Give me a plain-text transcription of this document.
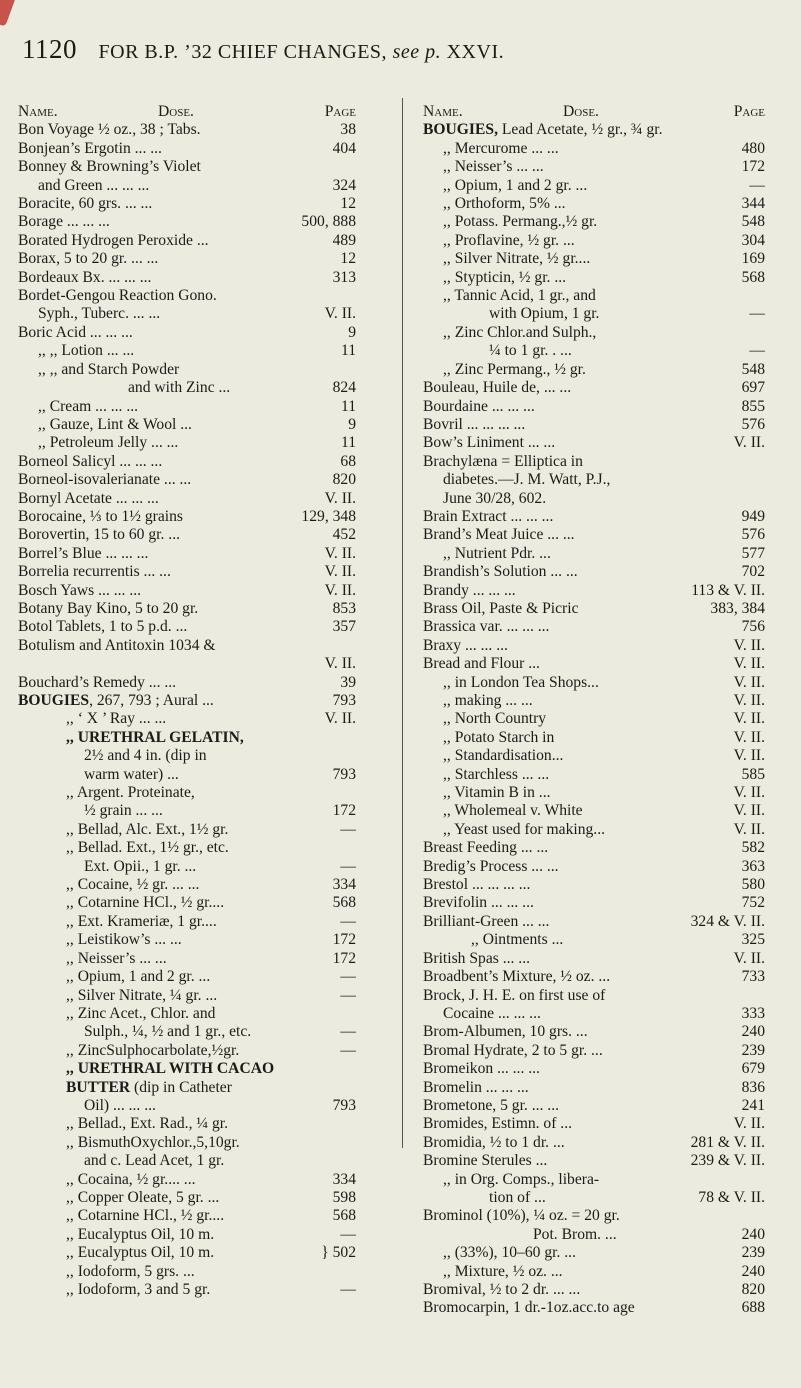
1120 FOR B.P. ’32 CHIEF CHANGES, see p. XXVI.
Name.	Dose.	Page
Bon Voyage ½ oz., 38 ; Tabs.	38
Bonjean’s Ergotin ... ...	404
Bonney & Browning’s Violet
and Green ... ... ...	324
Boracite, 60 grs. ... ...	12
Borage ... ... ...	500, 888
Borated Hydrogen Peroxide ...	489
Borax, 5 to 20 gr. ... ...	12
Bordeaux Bx. ... ... ...	313
Bordet-Gengou Reaction Gono.
Syph., Tuberc. ... ...	V. II.
Boric Acid ... ... ...	9
,, ,, Lotion ... ...	11
,, ,, and Starch Powder
and with Zinc ...	824
,, Cream ... ... ...	11
,, Gauze, Lint & Wool ...	9
,, Petroleum Jelly ... ...	11
Borneol Salicyl ... ... ...	68
Borneol-isovalerianate ... ...	820
Bornyl Acetate ... ... ...	V. II.
Borocaine, ⅓ to 1½ grains	129, 348
Borovertin, 15 to 60 gr. ...	452
Borrel’s Blue ... ... ...	V. II.
Borrelia recurrentis ... ...	V. II.
Bosch Yaws ... ... ...	V. II.
Botany Bay Kino, 5 to 20 gr.	853
Botol Tablets, 1 to 5 p.d. ...	357
Botulism and Antitoxin 1034 &
V. II.
Bouchard’s Remedy ... ...	39
BOUGIES, 267, 793 ; Aural ...	793
,, ‘ X ’ Ray ... ...	V. II.
,, URETHRAL GELATIN,
2½ and 4 in. (dip in
warm water) ...	793
,, Argent. Proteinate,
½ grain ... ...	172
,, Bellad, Alc. Ext., 1½ gr.	—
,, Bellad. Ext., 1½ gr., etc.
Ext. Opii., 1 gr. ...	—
,, Cocaine, ½ gr. ... ...	334
,, Cotarnine HCl., ½ gr....	568
,, Ext. Krameriæ, 1 gr....	—
,, Leistikow’s ... ...	172
,, Neisser’s ... ...	172
,, Opium, 1 and 2 gr. ...	—
,, Silver Nitrate, ¼ gr. ...	—
,, Zinc Acet., Chlor. and
Sulph., ¼, ½ and 1 gr., etc.	—
,, ZincSulphocarbolate,½gr.	—
,, URETHRAL WITH CACAO
BUTTER (dip in Catheter
Oil) ... ... ...	793
,, Bellad., Ext. Rad., ¼ gr.
,, BismuthOxychlor.,5,10gr.
and c. Lead Acet, 1 gr.
,, Cocaina, ½ gr.... ...	334
,, Copper Oleate, 5 gr. ...	598
,, Cotarnine HCl., ½ gr....	568
,, Eucalyptus Oil, 10 m.	—
,, Eucalyptus Oil, 10 m.	} 502
,, Iodoform, 5 grs. ...
,, Iodoform, 3 and 5 gr.	—
Name.	Dose.	Page
BOUGIES, Lead Acetate, ½ gr., ¾ gr.
,, Mercurome ... ...	480
,, Neisser’s ... ...	172
,, Opium, 1 and 2 gr. ...	—
,, Orthoform, 5% ...	344
,, Potass. Permang.,½ gr.	548
,, Proflavine, ½ gr. ...	304
,, Silver Nitrate, ½ gr....	169
,, Stypticin, ½ gr. ...	568
,, Tannic Acid, 1 gr., and
with Opium, 1 gr.	—
,, Zinc Chlor.and Sulph.,
¼ to 1 gr. . ...	—
,, Zinc Permang., ½ gr.	548
Bouleau, Huile de, ... ...	697
Bourdaine ... ... ...	855
Bovril ... ... ... ...	576
Bow’s Liniment ... ...	V. II.
Brachylæna = Elliptica in
diabetes.—J. M. Watt, P.J.,
June 30/28, 602.
Brain Extract ... ... ...	949
Brand’s Meat Juice ... ...	576
,, Nutrient Pdr. ...	577
Brandish’s Solution ... ...	702
Brandy ... ... ...	113 & V. II.
Brass Oil, Paste & Picric	383, 384
Brassica var. ... ... ...	756
Braxy ... ... ...	V. II.
Bread and Flour ...	V. II.
,, in London Tea Shops...	V. II.
,, making ... ...	V. II.
,, North Country	V. II.
,, Potato Starch in	V. II.
,, Standardisation...	V. II.
,, Starchless ... ...	585
,, Vitamin B in ...	V. II.
,, Wholemeal v. White	V. II.
,, Yeast used for making...	V. II.
Breast Feeding ... ...	582
Bredig’s Process ... ...	363
Brestol ... ... ... ...	580
Brevifolin ... ... ...	752
Brilliant-Green ... ...	324 & V. II.
,, Ointments ...	325
British Spas ... ...	V. II.
Broadbent’s Mixture, ½ oz. ...	733
Brock, J. H. E. on first use of
Cocaine ... ... ...	333
Brom-Albumen, 10 grs. ...	240
Bromal Hydrate, 2 to 5 gr. ...	239
Bromeikon ... ... ...	679
Bromelin ... ... ...	836
Brometone, 5 gr. ... ...	241
Bromides, Estimn. of ...	V. II.
Bromidia, ½ to 1 dr. ...	281 & V. II.
Bromine Sterules ...	239 & V. II.
,, in Org. Comps., libera-
tion of ...	78 & V. II.
Brominol (10%), ¼ oz. = 20 gr.
Pot. Brom. ...	240
,, (33%), 10–60 gr. ...	239
,, Mixture, ½ oz. ...	240
Bromival, ½ to 2 dr. ... ...	820
Bromocarpin, 1 dr.-1oz.acc.to age	688
